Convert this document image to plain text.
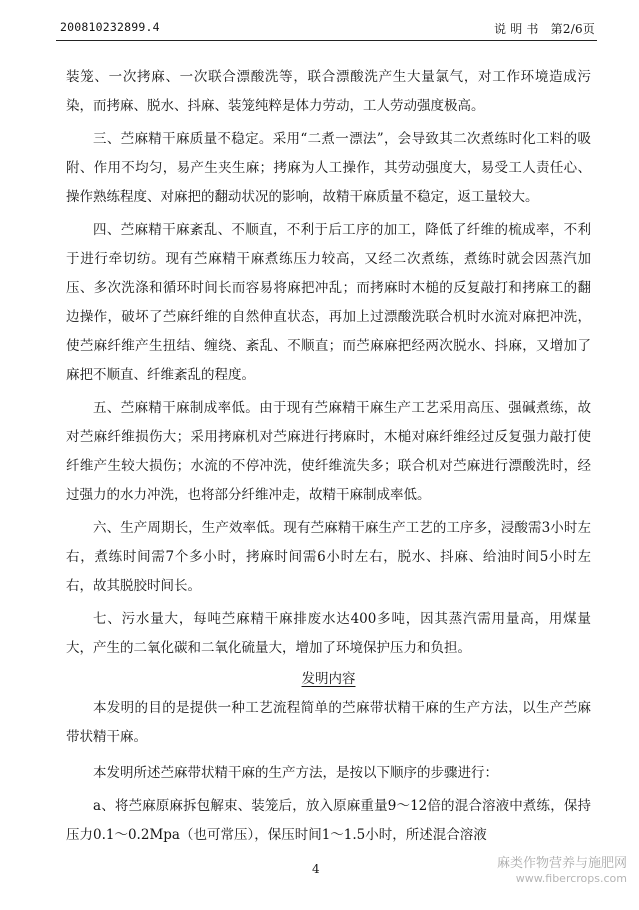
200810232899.4	说 明 书 第2/6页

装笼、一次拷麻、一次联合漂酸洗等，联合漂酸洗产生大量氯气，对工作环境造成污染，而拷麻、脱水、抖麻、装笼纯粹是体力劳动，工人劳动强度极高。

三、苎麻精干麻质量不稳定。采用“二煮一漂法”，会导致其二次煮练时化工料的吸附、作用不均匀，易产生夹生麻；拷麻为人工操作，其劳动强度大，易受工人责任心、操作熟练程度、对麻把的翻动状况的影响，故精干麻质量不稳定，返工量较大。

四、苎麻精干麻紊乱、不顺直，不利于后工序的加工，降低了纤维的梳成率，不利于进行牵切纺。现有苎麻精干麻煮练压力较高，又经二次煮练，煮练时就会因蒸汽加压、多次洗涤和循环时间长而容易将麻把冲乱；而拷麻时木槌的反复敲打和拷麻工的翻边操作，破坏了苎麻纤维的自然伸直状态，再加上过漂酸洗联合机时水流对麻把冲洗，使苎麻纤维产生扭结、缠绕、紊乱、不顺直；而苎麻麻把经两次脱水、抖麻，又增加了麻把不顺直、纤维紊乱的程度。

五、苎麻精干麻制成率低。由于现有苎麻精干麻生产工艺采用高压、强碱煮练，故对苎麻纤维损伤大；采用拷麻机对苎麻进行拷麻时，木槌对麻纤维经过反复强力敲打使纤维产生较大损伤；水流的不停冲洗，使纤维流失多；联合机对苎麻进行漂酸洗时，经过强力的水力冲洗，也将部分纤维冲走，故精干麻制成率低。

六、生产周期长，生产效率低。现有苎麻精干麻生产工艺的工序多，浸酸需3小时左右，煮练时间需7个多小时，拷麻时间需6小时左右，脱水、抖麻、给油时间5小时左右，故其脱胶时间长。

七、污水量大，每吨苎麻精干麻排废水达400多吨，因其蒸汽需用量高，用煤量大，产生的二氧化碳和二氧化硫量大，增加了环境保护压力和负担。

发明内容

本发明的目的是提供一种工艺流程简单的苎麻带状精干麻的生产方法，以生产苎麻带状精干麻。

本发明所述苎麻带状精干麻的生产方法，是按以下顺序的步骤进行：

a、将苎麻原麻拆包解束、装笼后，放入原麻重量9～12倍的混合溶液中煮练，保持压力0.1～0.2Mpa（也可常压），保压时间1～1.5小时，所述混合溶液

4	麻类作物营养与施肥网
www.fibercrops.com
